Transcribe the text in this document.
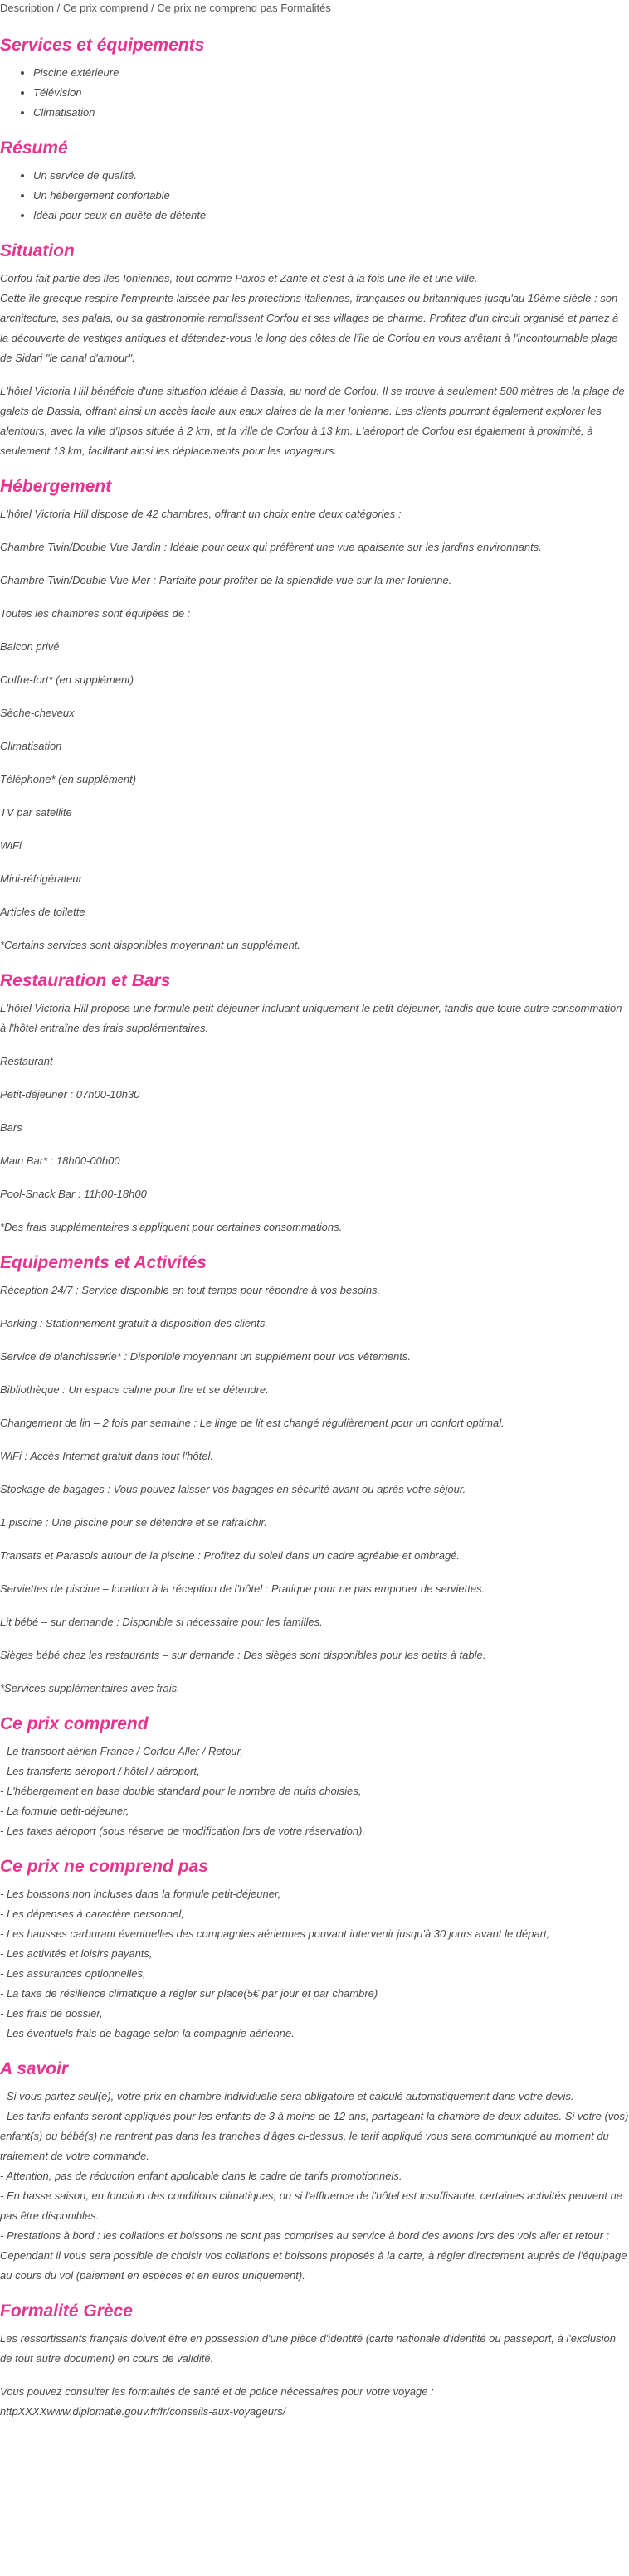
Description / Ce prix comprend / Ce prix ne comprend pas Formalités
Services et équipements
• Piscine extérieure
• Télévision
• Climatisation
Résumé
• Un service de qualité.
• Un hébergement confortable
• Idéal pour ceux en quête de détente
Situation

Corfou fait partie des îles Ioniennes, tout comme Paxos et Zante et c'est à la fois une île et une ville.

Cette île grecque respire l'empreinte laissée par les protections italiennes, françaises ou britanniques jusqu'au 19ème siècle : son architecture, ses palais, ou sa gastronomie remplissent Corfou et ses villages de charme. Profitez d'un circuit organisé et partez à la découverte de vestiges antiques et détendez-vous le long des côtes de l'île de Corfou en vous arrêtant à l'incontournable plage de Sidari "le canal d'amour".

L'hôtel Victoria Hill bénéficie d'une situation idéale à Dassia, au nord de Corfou. Il se trouve à seulement 500 mètres de la plage de galets de Dassia, offrant ainsi un accès facile aux eaux claires de la mer Ionienne. Les clients pourront également explorer les alentours, avec la ville d'Ipsos située à 2 km, et la ville de Corfou à 13 km. L'aéroport de Corfou est également à proximité, à seulement 13 km, facilitant ainsi les déplacements pour les voyageurs.

Hébergement

L'hôtel Victoria Hill dispose de 42 chambres, offrant un choix entre deux catégories :

Chambre Twin/Double Vue Jardin : Idéale pour ceux qui préfèrent une vue apaisante sur les jardins environnants.

Chambre Twin/Double Vue Mer : Parfaite pour profiter de la splendide vue sur la mer Ionienne.

Toutes les chambres sont équipées de :

Balcon privé

Coffre-fort* (en supplément)

Sèche-cheveux

Climatisation

Téléphone* (en supplément)

TV par satellite

WiFi

Mini-réfrigérateur

Articles de toilette

*Certains services sont disponibles moyennant un supplément.

Restauration et Bars

L'hôtel Victoria Hill propose une formule petit-déjeuner incluant uniquement le petit-déjeuner, tandis que toute autre consommation à l'hôtel entraîne des frais supplémentaires.

Restaurant

Petit-déjeuner : 07h00-10h30

Bars

Main Bar* : 18h00-00h00

Pool-Snack Bar : 11h00-18h00

*Des frais supplémentaires s'appliquent pour certaines consommations.

Equipements et Activités

Réception 24/7 : Service disponible en tout temps pour répondre à vos besoins.

Parking : Stationnement gratuit à disposition des clients.

Service de blanchisserie* : Disponible moyennant un supplément pour vos vêtements.

Bibliothèque : Un espace calme pour lire et se détendre.

Changement de lin – 2 fois par semaine : Le linge de lit est changé régulièrement pour un confort optimal.

WiFi : Accès Internet gratuit dans tout l'hôtel.

Stockage de bagages : Vous pouvez laisser vos bagages en sécurité avant ou après votre séjour.

1 piscine : Une piscine pour se détendre et se rafraîchir.

Transats et Parasols autour de la piscine : Profitez du soleil dans un cadre agréable et ombragé.

Serviettes de piscine – location à la réception de l'hôtel : Pratique pour ne pas emporter de serviettes.

Lit bébé – sur demande : Disponible si nécessaire pour les familles.

Sièges bébé chez les restaurants – sur demande : Des sièges sont disponibles pour les petits à table.

*Services supplémentaires avec frais.

Ce prix comprend
- Le transport aérien France / Corfou Aller / Retour,
- Les transferts aéroport / hôtel / aéroport,
- L'hébergement en base double standard pour le nombre de nuits choisies,
- La formule petit-déjeuner,
- Les taxes aéroport (sous réserve de modification lors de votre réservation).
Ce prix ne comprend pas
- Les boissons non incluses dans la formule petit-déjeuner,
- Les dépenses à caractère personnel,
- Les hausses carburant éventuelles des compagnies aériennes pouvant intervenir jusqu'à 30 jours avant le départ,
- Les activités et loisirs payants,
- Les assurances optionnelles,
- La taxe de résilience climatique à régler sur place(5€ par jour et par chambre)
- Les frais de dossier,
- Les éventuels frais de bagage selon la compagnie aérienne.
A savoir
- Si vous partez seul(e), votre prix en chambre individuelle sera obligatoire et calculé automatiquement dans votre devis.
- Les tarifs enfants seront appliqués pour les enfants de 3 à moins de 12 ans, partageant la chambre de deux adultes. Si votre (vos) enfant(s) ou bébé(s) ne rentrent pas dans les tranches d'âges ci-dessus, le tarif appliqué vous sera communiqué au moment du traitement de votre commande.
- Attention, pas de réduction enfant applicable dans le cadre de tarifs promotionnels.
- En basse saison, en fonction des conditions climatiques, ou si l'affluence de l'hôtel est insuffisante, certaines activités peuvent ne pas être disponibles.
- Prestations à bord : les collations et boissons ne sont pas comprises au service à bord des avions lors des vols aller et retour ; Cependant il vous sera possible de choisir vos collations et boissons proposés à la carte, à régler directement auprès de l'équipage au cours du vol (paiement en espèces et en euros uniquement).
Formalité Grèce

Les ressortissants français doivent être en possession d'une pièce d'identité (carte nationale d'identité ou passeport, à l'exclusion de tout autre document) en cours de validité.

Vous pouvez consulter les formalités de santé et de police nécessaires pour votre voyage :

httpXXXXwww.diplomatie.gouv.fr/fr/conseils-aux-voyageurs/
